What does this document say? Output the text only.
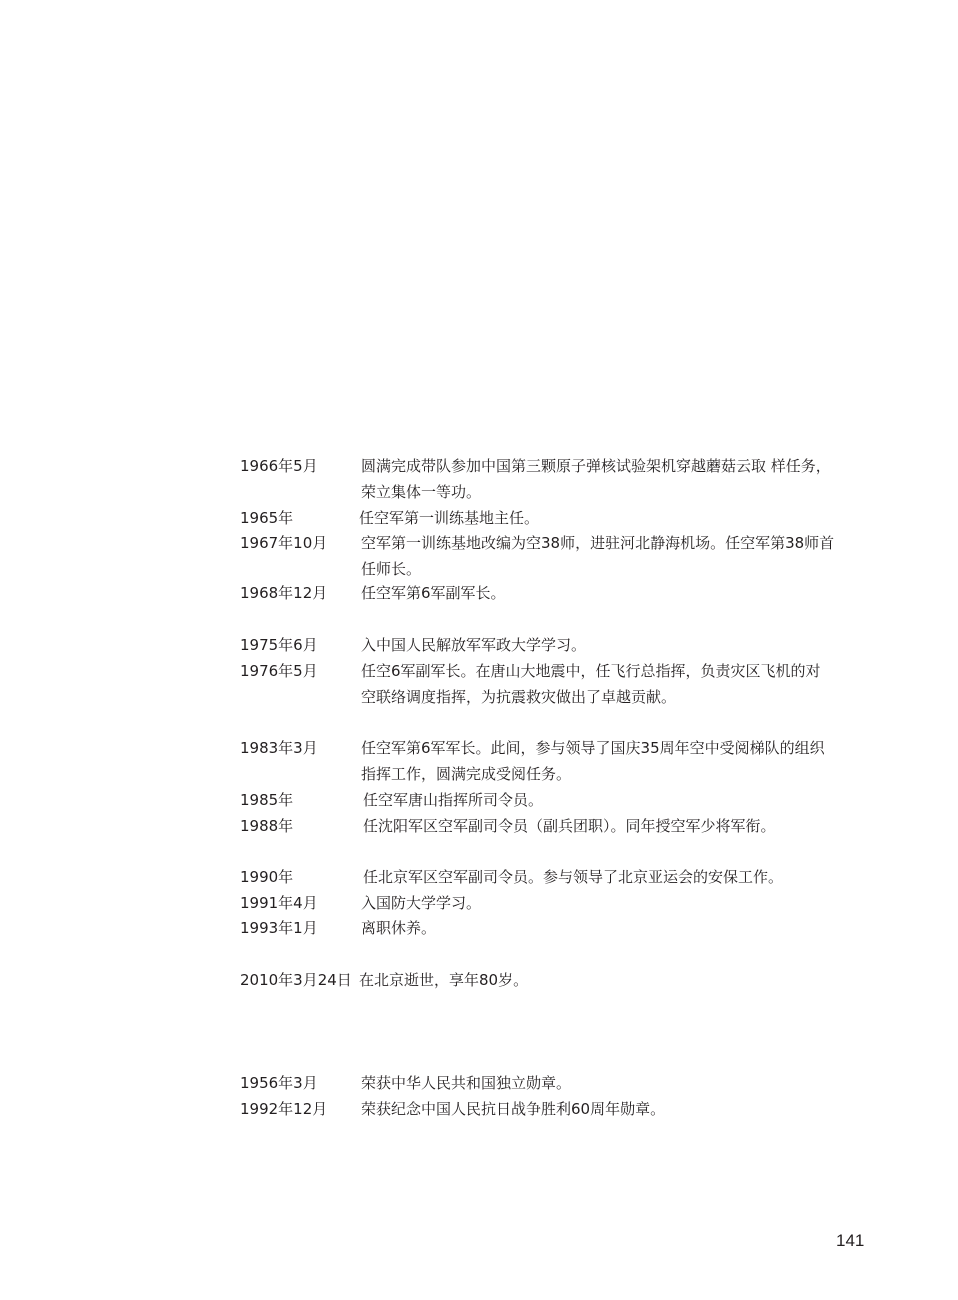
1966年5月	圆满完成带队参加中国第三颗原子弹核试验架机穿越蘑菇云取 样任务，
荣立集体一等功。
1965年	任空军第一训练基地主任。
1967年10月 空军第一训练基地改编为空38师，进驻河北静海机场。任空军第38师首
任师长。
1968年12月 任空军第6军副军长。
1975年6月	入中国人民解放军军政大学学习。
1976年5月	任空6军副军长。在唐山大地震中，任飞行总指挥，负责灾区飞机的对
空联络调度指挥，为抗震救灾做出了卓越贡献。
1983年3月	任空军第6军军长。此间，参与领导了国庆35周年空中受阅梯队的组织
指挥工作，圆满完成受阅任务。
1985年	任空军唐山指挥所司令员。
1988年	任沈阳军区空军副司令员（副兵团职）。同年授空军少将军衔。
1990年	任北京军区空军副司令员。参与领导了北京亚运会的安保工作。
1991年4月	入国防大学学习。
1993年1月	离职休养。
2010年3月24日 在北京逝世，享年80岁。
1956年3月	荣获中华人民共和国独立勋章。
1992年12月 荣获纪念中国人民抗日战争胜利60周年勋章。
141
